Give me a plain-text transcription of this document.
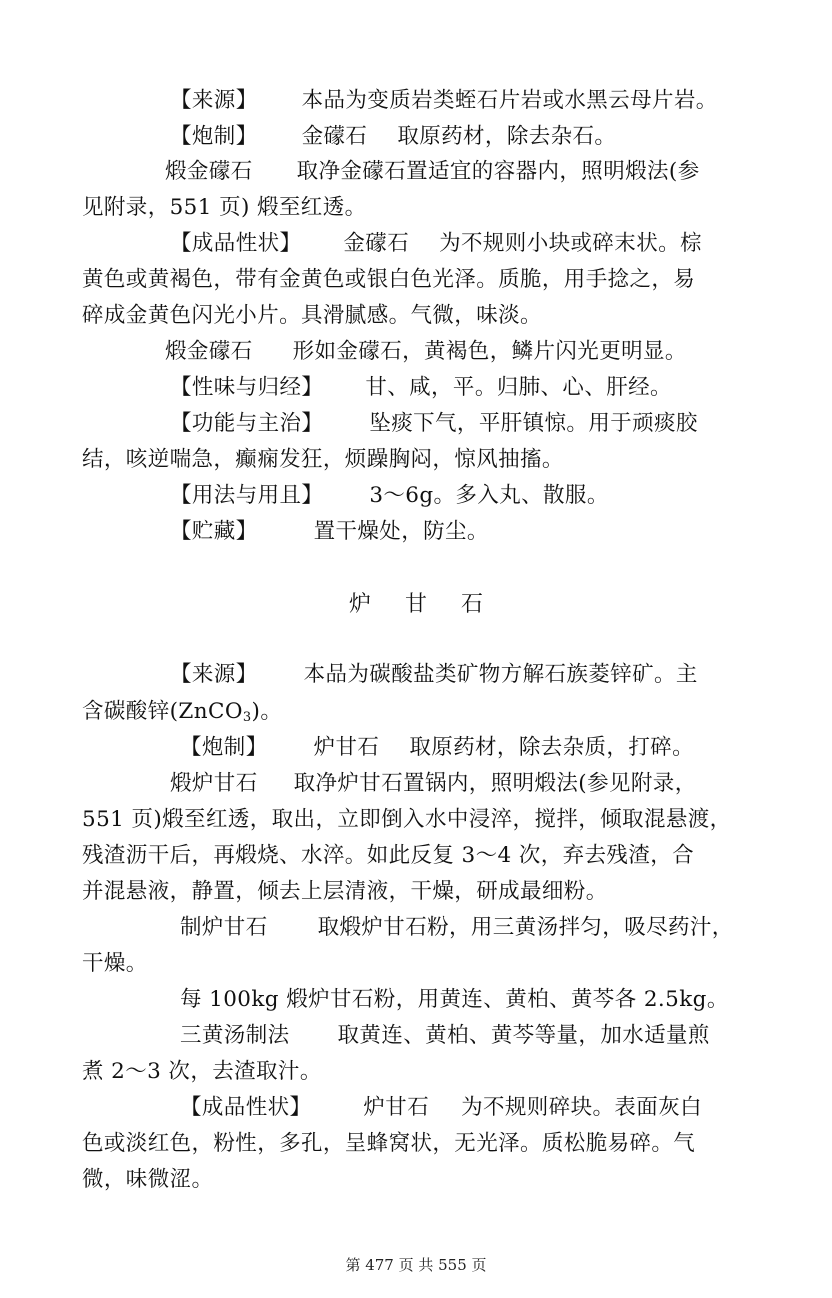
【来源】 本品为变质岩类蛭石片岩或水黑云母片岩。
【炮制】 金礞石 取原药材，除去杂石。
煅金礞石 取净金礞石置适宜的容器内，照明煅法(参
见附录，551 页) 煅至红透。
【成品性状】 金礞石 为不规则小块或碎末状。棕
黄色或黄褐色，带有金黄色或银白色光泽。质脆，用手捻之，易
碎成金黄色闪光小片。具滑腻感。气微，味淡。
煅金礞石 形如金礞石，黄褐色，鳞片闪光更明显。
【性味与归经】 甘、咸，平。归肺、心、肝经。
【功能与主治】 坠痰下气，平肝镇惊。用于顽痰胶
结，咳逆喘急，癫痫发狂，烦躁胸闷，惊风抽搐。
【用法与用且】 3～6g。多入丸、散服。
【贮藏】	置干燥处，防尘。
炉 甘 石
【来源】 本品为碳酸盐类矿物方解石族菱锌矿。主
含碳酸锌(ZnCO$_3$)。
【炮制】 炉甘石 取原药材，除去杂质，打碎。
煅炉甘石 取净炉甘石置锅内，照明煅法(参见附录，
551 页)煅至红透，取出，立即倒入水中浸淬，搅拌，倾取混悬渡，
残渣沥干后，再煅烧、水淬。如此反复 3～4 次，弃去残渣，合
并混悬液，静置，倾去上层清液，干燥，研成最细粉。
制炉甘石 取煅炉甘石粉，用三黄汤拌匀，吸尽药汁，
干燥。
每 100kg 煅炉甘石粉，用黄连、黄柏、黄芩各 2.5kg。
三黄汤制法 取黄连、黄柏、黄芩等量，加水适量煎
煮 2～3 次，去渣取汁。
【成品性状】 炉甘石 为不规则碎块。表面灰白
色或淡红色，粉性，多孔，呈蜂窝状，无光泽。质松脆易碎。气
微，味微涩。
第 477 页 共 555 页
